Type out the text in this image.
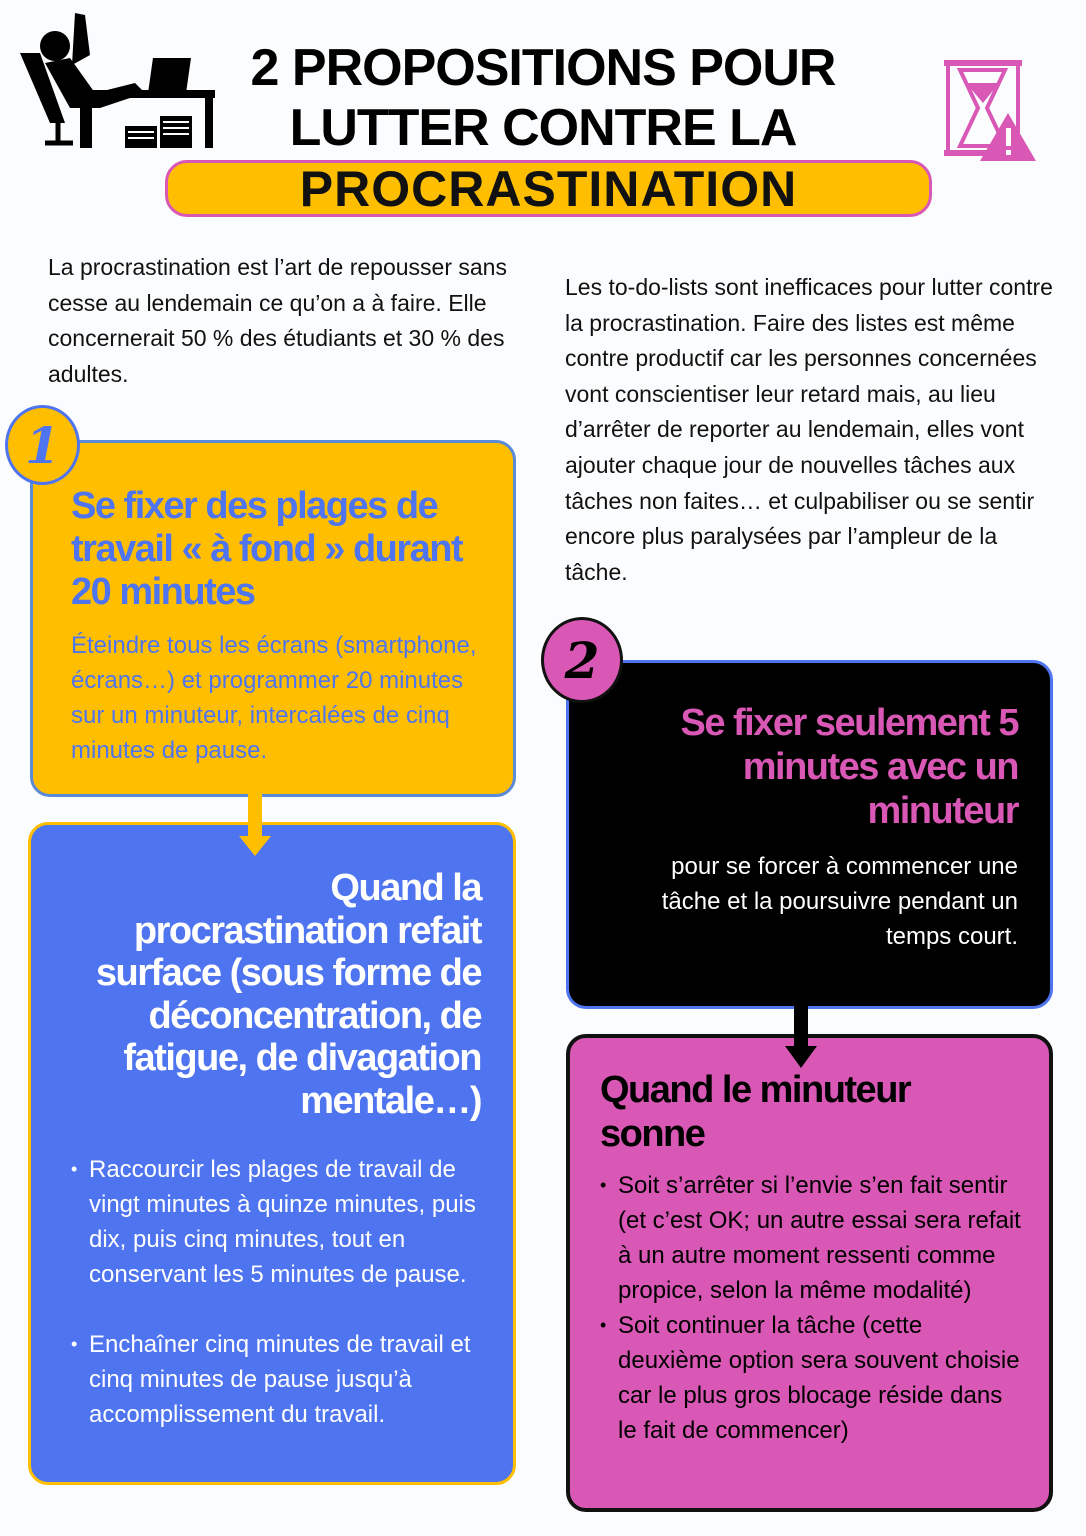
2 PROPOSITIONS POUR
LUTTER CONTRE LA
PROCRASTINATION
La procrastination est l’art de repousser sans cesse au lendemain ce qu’on a à faire. Elle concernerait 50 % des étudiants et 30 % des adultes.
1
Se fixer des plages de travail « à fond » durant 20 minutes
Éteindre tous les écrans (smartphone, écrans…) et programmer 20 minutes sur un minuteur, intercalées de cinq minutes de pause.
Quand la procrastination refait surface (sous forme de déconcentration, de fatigue, de divagation mentale…)
• Raccourcir les plages de travail de vingt minutes à quinze minutes, puis dix, puis cinq minutes, tout en conservant les 5 minutes de pause.
• Enchaîner cinq minutes de travail et cinq minutes de pause jusqu’à accomplissement du travail.
Les to-do-lists sont inefficaces pour lutter contre la procrastination. Faire des listes est même contre productif car les personnes concernées vont conscientiser leur retard mais, au lieu d’arrêter de reporter au lendemain, elles vont ajouter chaque jour de nouvelles tâches aux tâches non faites… et culpabiliser ou se sentir encore plus paralysées par l’ampleur de la tâche.
2
Se fixer seulement 5 minutes avec un minuteur
pour se forcer à commencer une tâche et la poursuivre pendant un temps court.
Quand le minuteur sonne
• Soit s’arrêter si l’envie s’en fait sentir (et c’est OK; un autre essai sera refait à un autre moment ressenti comme propice, selon la même modalité)
• Soit continuer la tâche (cette deuxième option sera souvent choisie car le plus gros blocage réside dans le fait de commencer)
